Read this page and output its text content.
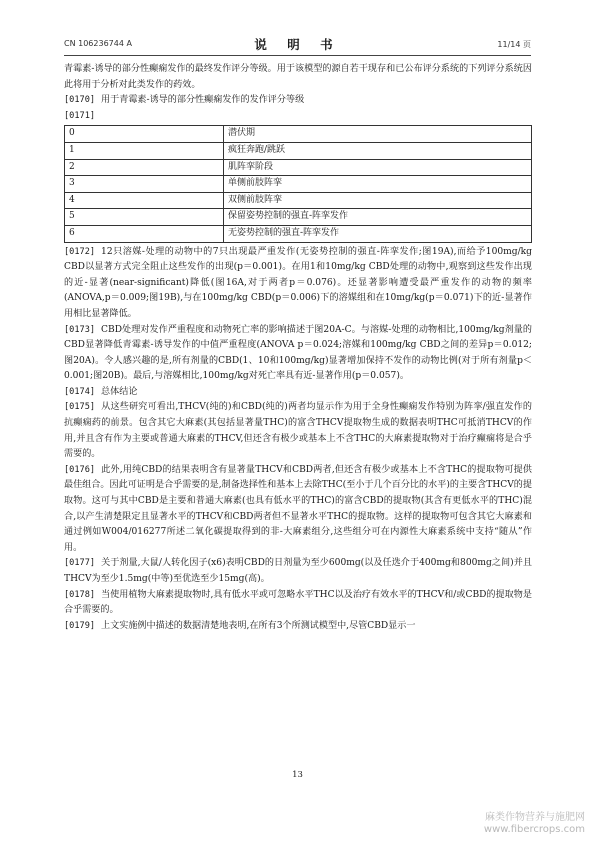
CN 106236744 A	说 明 书	11/14 页

青霉素-诱导的部分性癫痫发作的最终发作评分等级。用于该模型的源自若干现存和已公布评分系统的下列评分系统因此将用于分析对此类发作的药效。

[0170] 用于青霉素-诱导的部分性癫痫发作的发作评分等级

[0171]

0	潜伏期
1	疯狂奔跑/跳跃
2	肌阵挛阶段
3	单侧前肢阵挛
4	双侧前肢阵挛
5	保留姿势控制的强直-阵挛发作
6	无姿势控制的强直-阵挛发作

[0172] 12只溶媒-处理的动物中的7只出现最严重发作(无姿势控制的强直-阵挛发作;图19A),而给予100mg/kg CBD以显著方式完全阻止这些发作的出现(p＝0.001)。在用1和10mg/kg CBD处理的动物中,观察到这些发作出现的近-显著(near-significant)降低(图16A,对于两者p＝0.076)。还显著影响遭受最严重发作的动物的频率(ANOVA,p＝0.009;图19B),与在100mg/kg CBD(p＝0.006)下的溶媒组和在10mg/kg(p＝0.071)下的近-显著作用相比显著降低。

[0173] CBD处理对发作严重程度和动物死亡率的影响描述于图20A-C。与溶媒-处理的动物相比,100mg/kg剂量的CBD显著降低青霉素-诱导发作的中值严重程度(ANOVA p＝0.024;溶媒和100mg/kg CBD之间的差异p＝0.012;图20A)。令人感兴趣的是,所有剂量的CBD(1、10和100mg/kg)显著增加保持不发作的动物比例(对于所有剂量p＜0.001;图20B)。最后,与溶媒相比,100mg/kg对死亡率具有近-显著作用(p＝0.057)。

[0174] 总体结论

[0175] 从这些研究可看出,THCV(纯的)和CBD(纯的)两者均显示作为用于全身性癫痫发作特别为阵挛/强直发作的抗癫痫药的前景。包含其它大麻素(其包括显著量THC)的富含THCV提取物生成的数据表明THC可抵消THCV的作用,并且含有作为主要或普通大麻素的THCV,但还含有极少或基本上不含THC的大麻素提取物对于治疗癫痫将是合乎需要的。

[0176] 此外,用纯CBD的结果表明含有显著量THCV和CBD两者,但还含有极少或基本上不含THC的提取物可提供最佳组合。因此可证明是合乎需要的是,制备选择性和基本上去除THC(至小于几个百分比的水平)的主要含THCV的提取物。这可与其中CBD是主要和普通大麻素(也具有低水平的THC)的富含CBD的提取物(其含有更低水平的THC)混合,以产生清楚限定且显著水平的THCV和CBD两者但不显著水平THC的提取物。这样的提取物可包含其它大麻素和通过例如W004/016277所述二氧化碳提取得到的非-大麻素组分,这些组分可在内源性大麻素系统中支持“随从”作用。

[0177] 关于剂量,大鼠/人转化因子(x6)表明CBD的日剂量为至少600mg(以及任选介于400mg和800mg之间)并且THCV为至少1.5mg(中等)至优选至少15mg(高)。

[0178] 当使用植物大麻素提取物时,具有低水平或可忽略水平THC以及治疗有效水平的THCV和/或CBD的提取物是合乎需要的。

[0179] 上文实施例中描述的数据清楚地表明,在所有3个所测试模型中,尽管CBD显示一

13
麻类作物营养与施肥网
www.fibercrops.com
